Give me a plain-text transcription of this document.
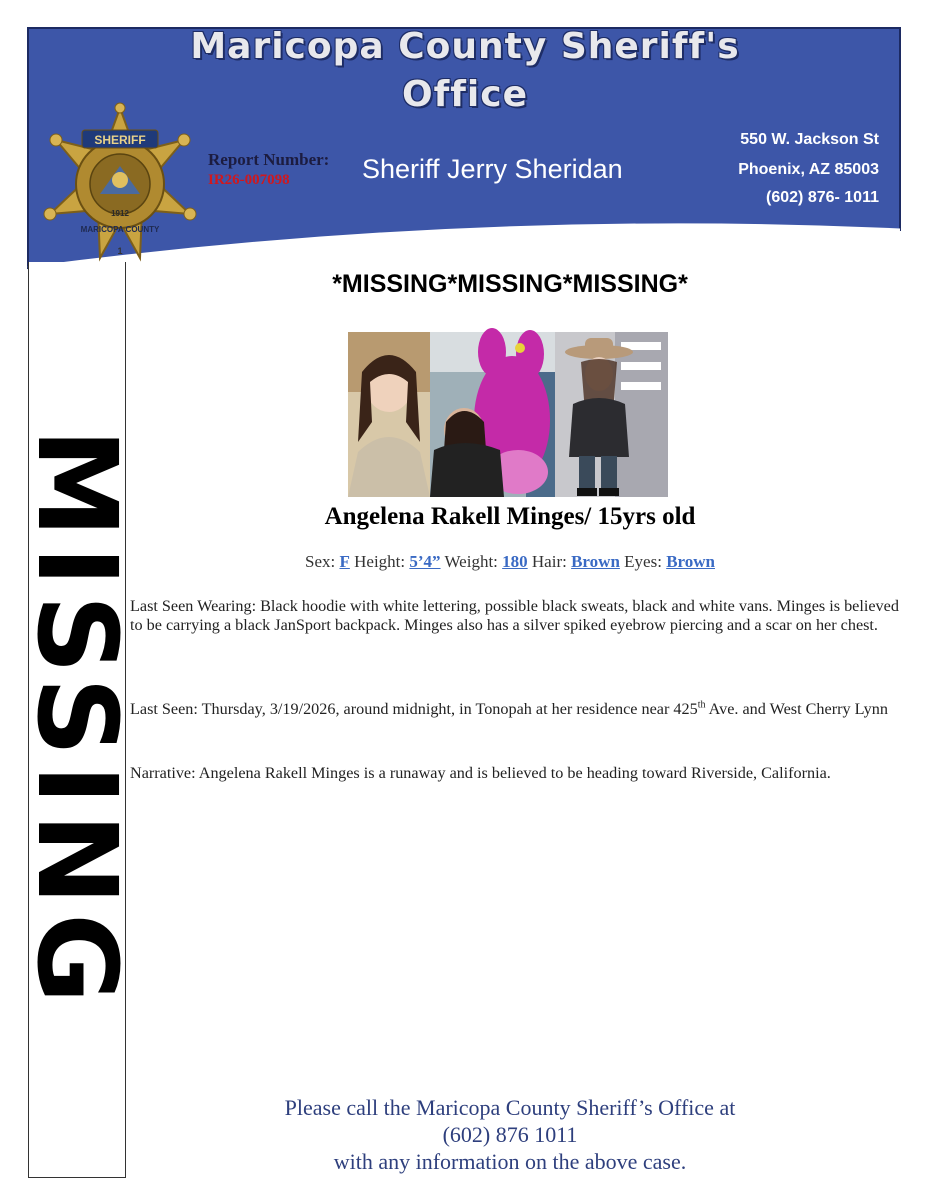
Maricopa County Sheriff's
Office
SHERIFF
1912
MARICOPA COUNTY
1
Report Number:
IR26-007098	Sheriff Jerry Sheridan
550 W. Jackson St
Phoenix, AZ 85003
(602) 876- 1011
MISSING
*MISSING*MISSING*MISSING*
Angelena Rakell Minges/ 15yrs old
Sex: F Height: 5’4” Weight: 180 Hair: Brown Eyes: Brown
Last Seen Wearing: Black hoodie with white lettering, possible black sweats, black and white vans. Minges is believed to be carrying a black JanSport backpack. Minges also has a silver spiked eyebrow piercing and a scar on her chest.
Last Seen: Thursday, 3/19/2026, around midnight, in Tonopah at her residence near 425th Ave. and West Cherry Lynn
Narrative: Angelena Rakell Minges is a runaway and is believed to be heading toward Riverside, California.
Please call the Maricopa County Sheriff’s Office at
(602) 876 1011
with any information on the above case.
